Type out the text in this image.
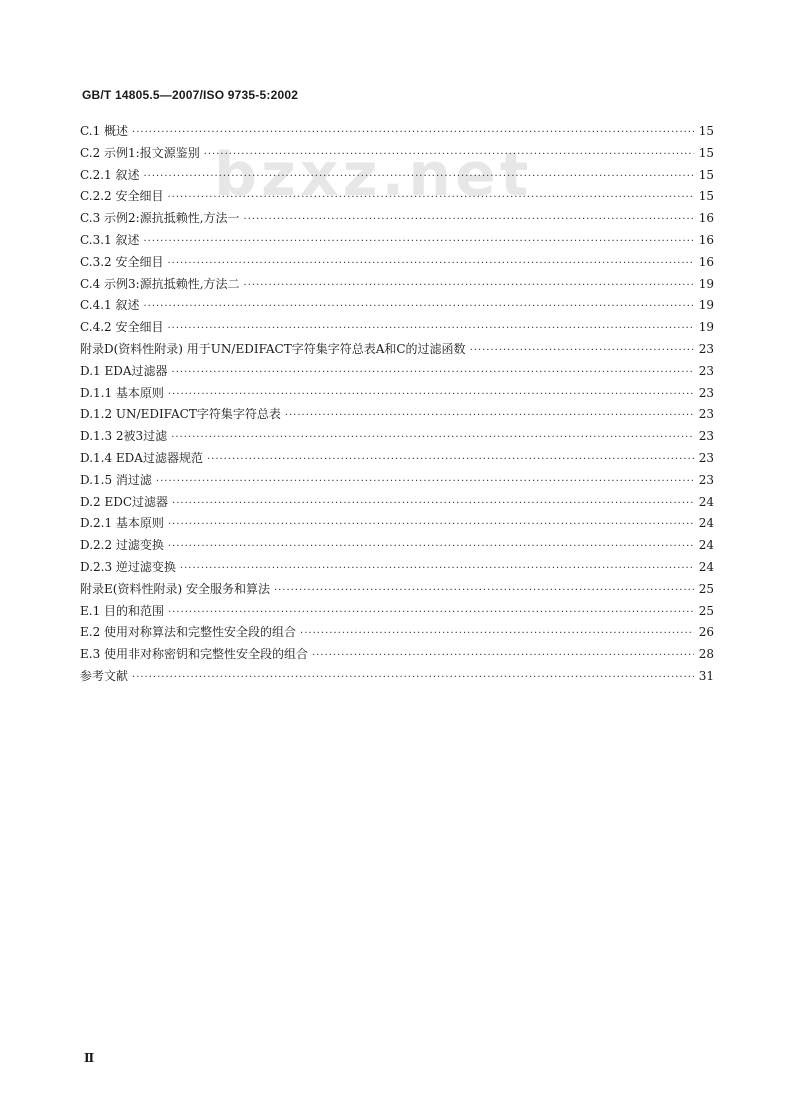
GB/T 14805.5—2007/ISO 9735-5:2002
bzxz.net
C.1 概述 ·····	15
C.2 示例1:报文源鉴别 ·····	15
C.2.1 叙述 ·····	15
C.2.2 安全细目 ·····	15
C.3 示例2:源抗抵赖性,方法一 ·····	16
C.3.1 叙述 ·····	16
C.3.2 安全细目 ·····	16
C.4 示例3:源抗抵赖性,方法二 ·····	19
C.4.1 叙述 ·····	19
C.4.2 安全细目 ·····	19
附录D(资料性附录) 用于UN/EDIFACT字符集字符总表A和C的过滤函数 ·····	23
D.1 EDA过滤器 ·····	23
D.1.1 基本原则 ·····	23
D.1.2 UN/EDIFACT字符集字符总表 ·····	23
D.1.3 2被3过滤 ·····	23
D.1.4 EDA过滤器规范 ·····	23
D.1.5 消过滤 ·····	23
D.2 EDC过滤器 ·····	24
D.2.1 基本原则 ·····	24
D.2.2 过滤变换 ·····	24
D.2.3 逆过滤变换 ·····	24
附录E(资料性附录) 安全服务和算法 ·····	25
E.1 目的和范围 ·····	25
E.2 使用对称算法和完整性安全段的组合 ·····	26
E.3 使用非对称密钥和完整性安全段的组合 ·····	28
参考文献 ·····	31
Ⅱ
